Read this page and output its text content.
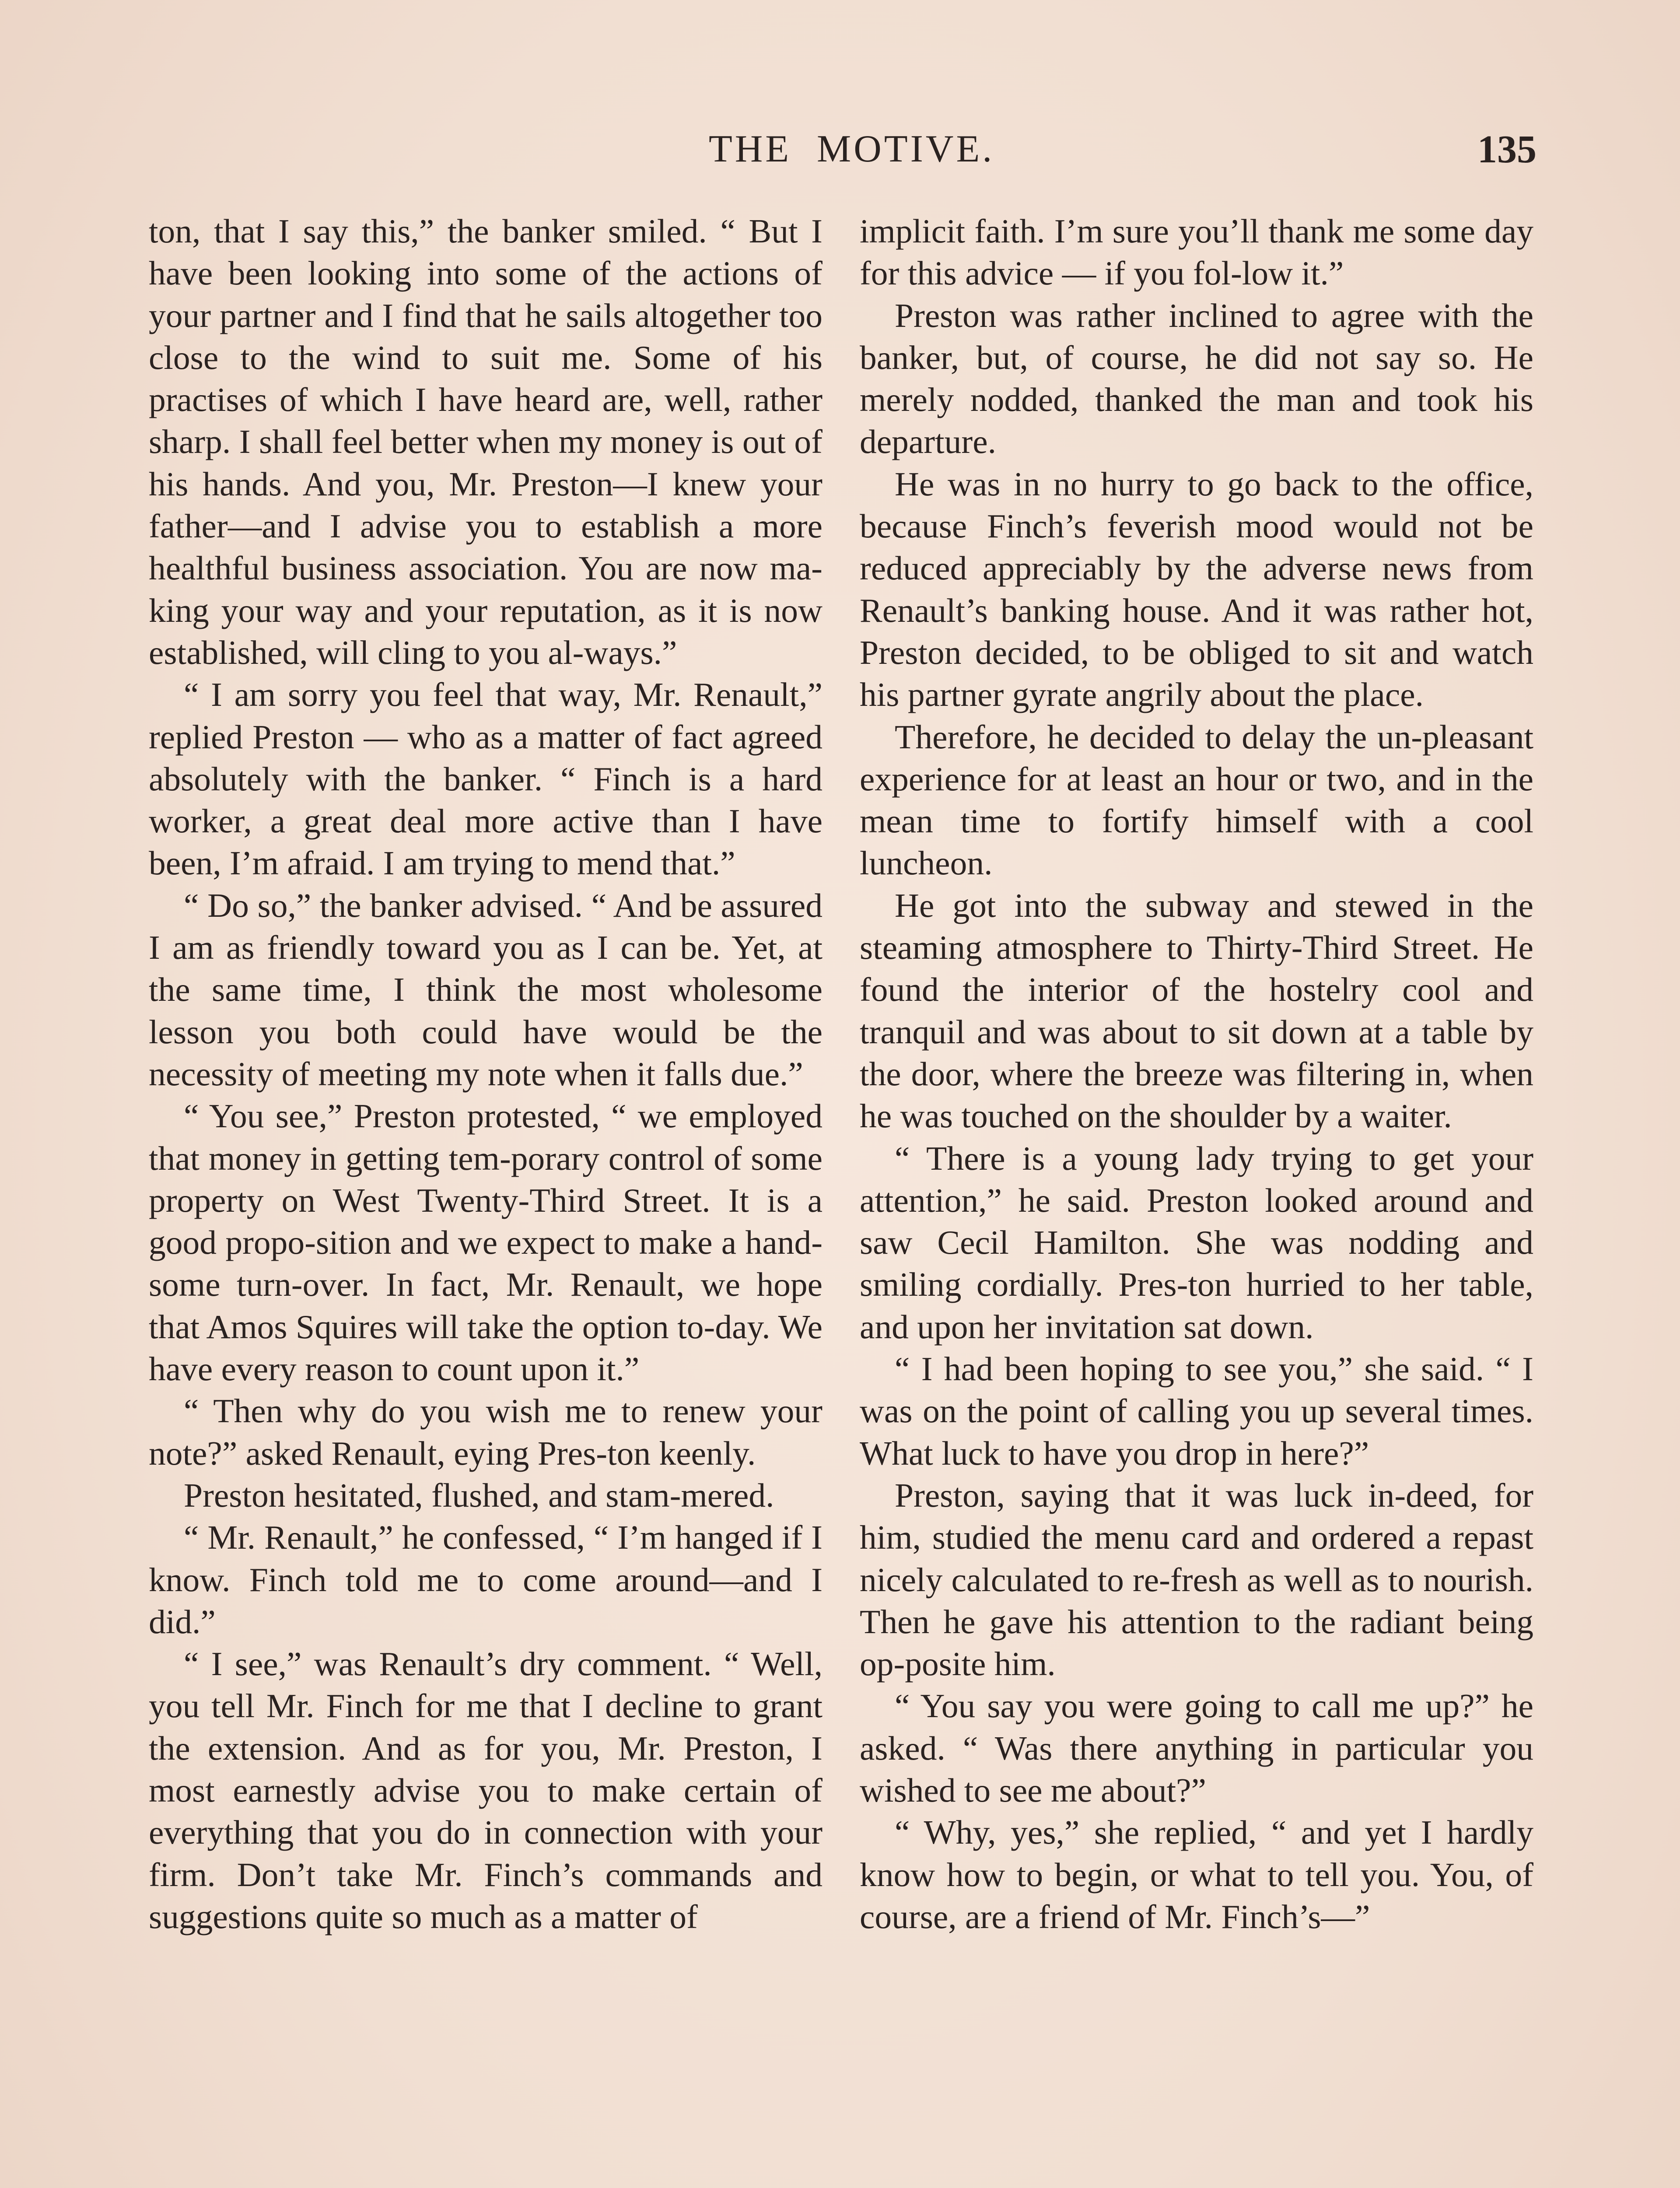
THE MOTIVE.	135

ton, that I say this,” the banker smiled. “ But I have been looking into some of the actions of your partner and I find that he sails altogether too close to the wind to suit me. Some of his practises of which I have heard are, well, rather sharp. I shall feel better when my money is out of his hands. And you, Mr. Preston—I knew your father—and I advise you to establish a more healthful business association. You are now ma-king your way and your reputation, as it is now established, will cling to you al-ways.”

“ I am sorry you feel that way, Mr. Renault,” replied Preston — who as a matter of fact agreed absolutely with the banker. “ Finch is a hard worker, a great deal more active than I have been, I’m afraid. I am trying to mend that.”

“ Do so,” the banker advised. “ And be assured I am as friendly toward you as I can be. Yet, at the same time, I think the most wholesome lesson you both could have would be the necessity of meeting my note when it falls due.”

“ You see,” Preston protested, “ we employed that money in getting tem-porary control of some property on West Twenty-Third Street. It is a good propo-sition and we expect to make a hand-some turn-over. In fact, Mr. Renault, we hope that Amos Squires will take the option to-day. We have every reason to count upon it.”

“ Then why do you wish me to renew your note?” asked Renault, eying Pres-ton keenly.

Preston hesitated, flushed, and stam-mered.

“ Mr. Renault,” he confessed, “ I’m hanged if I know. Finch told me to come around—and I did.”

“ I see,” was Renault’s dry comment. “ Well, you tell Mr. Finch for me that I decline to grant the extension. And as for you, Mr. Preston, I most earnestly advise you to make certain of everything that you do in connection with your firm. Don’t take Mr. Finch’s commands and suggestions quite so much as a matter of

implicit faith. I’m sure you’ll thank me some day for this advice — if you fol-low it.”

Preston was rather inclined to agree with the banker, but, of course, he did not say so. He merely nodded, thanked the man and took his departure.

He was in no hurry to go back to the office, because Finch’s feverish mood would not be reduced appreciably by the adverse news from Renault’s banking house. And it was rather hot, Preston decided, to be obliged to sit and watch his partner gyrate angrily about the place.

Therefore, he decided to delay the un-pleasant experience for at least an hour or two, and in the mean time to fortify himself with a cool luncheon.

He got into the subway and stewed in the steaming atmosphere to Thirty-Third Street. He found the interior of the hostelry cool and tranquil and was about to sit down at a table by the door, where the breeze was filtering in, when he was touched on the shoulder by a waiter.

“ There is a young lady trying to get your attention,” he said. Preston looked around and saw Cecil Hamilton. She was nodding and smiling cordially. Pres-ton hurried to her table, and upon her invitation sat down.

“ I had been hoping to see you,” she said. “ I was on the point of calling you up several times. What luck to have you drop in here?”

Preston, saying that it was luck in-deed, for him, studied the menu card and ordered a repast nicely calculated to re-fresh as well as to nourish. Then he gave his attention to the radiant being op-posite him.

“ You say you were going to call me up?” he asked. “ Was there anything in particular you wished to see me about?”

“ Why, yes,” she replied, “ and yet I hardly know how to begin, or what to tell you. You, of course, are a friend of Mr. Finch’s—”
